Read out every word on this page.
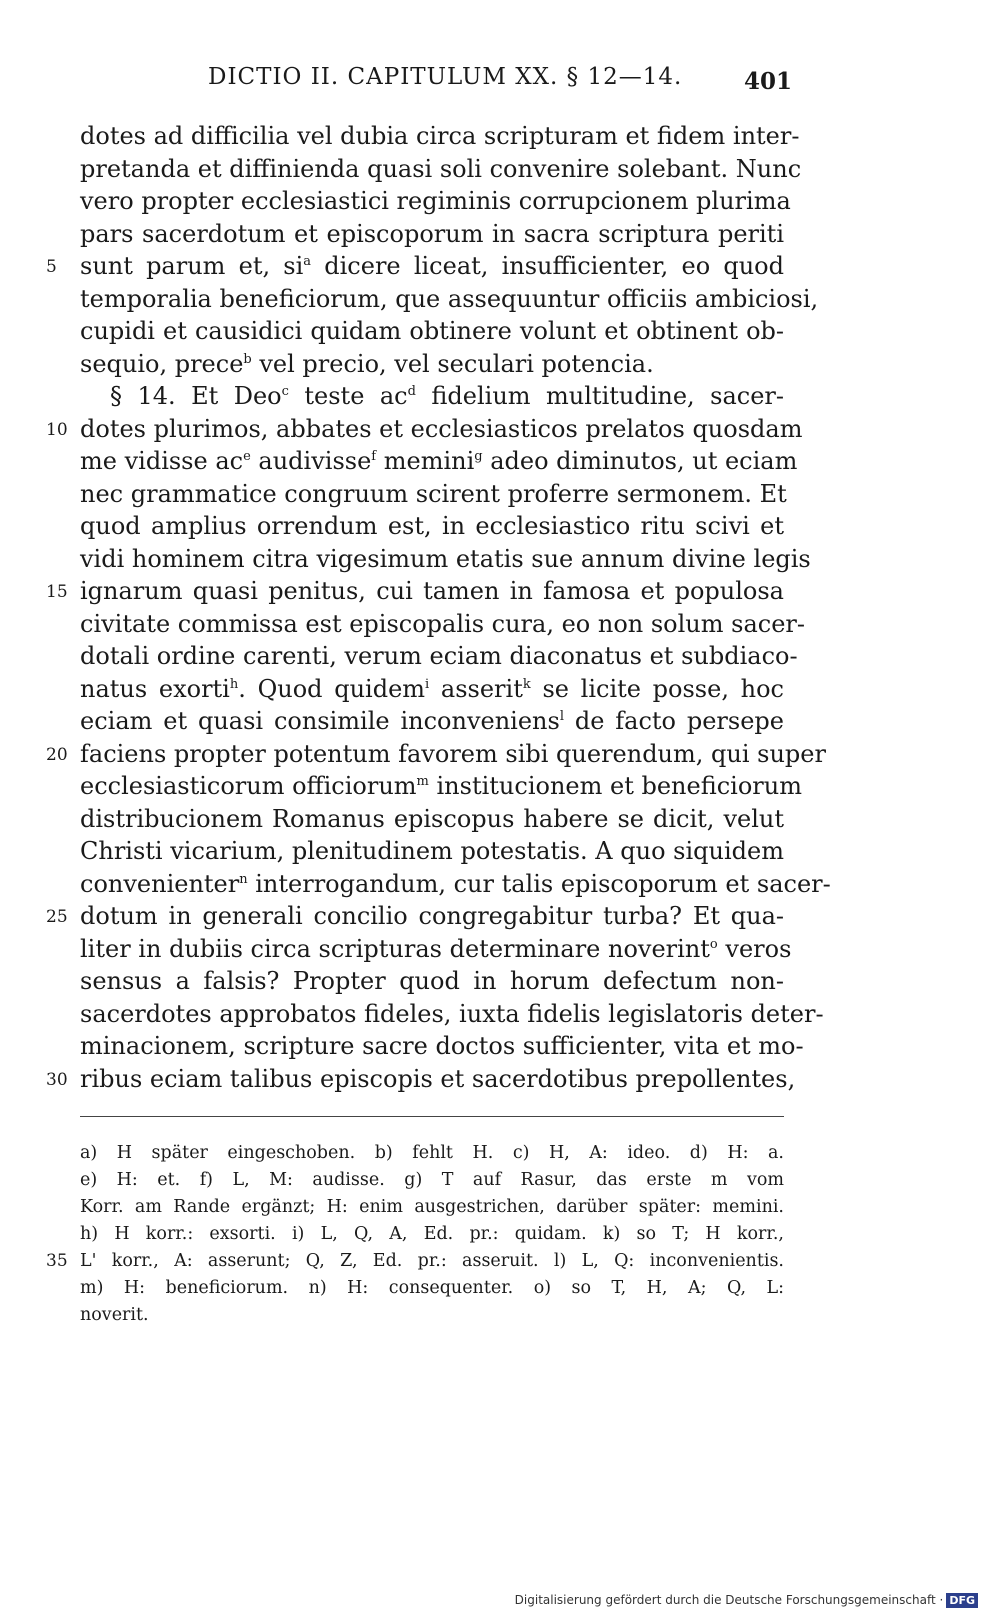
DICTIO II. CAPITULUM XX. § 12—14.	401
dotes ad difficilia vel dubia circa scripturam et fidem inter-
pretanda et diffinienda quasi soli convenire solebant. Nunc
vero propter ecclesiastici regiminis corrupcionem plurima
pars sacerdotum et episcoporum in sacra scriptura periti
5 sunt parum et, $si^a$ dicere liceat, insufficienter, eo quod
temporalia beneficiorum, que assequuntur officiis ambiciosi,
cupidi et causidici quidam obtinere volunt et obtinent ob-
sequio, prece$^b$ vel precio, vel seculari potencia.
§ 14. Et Deo$^c$ teste $ac^d$ fidelium multitudine, sacer-
10 dotes plurimos, abbates et ecclesiasticos prelatos quosdam
me vidisse $ac^e$ audivisse$^f$ memini$^g$ adeo diminutos, ut eciam
nec grammatice congruum scirent proferre sermonem. Et
quod amplius orrendum est, in ecclesiastico ritu scivi et
vidi hominem citra vigesimum etatis sue annum divine legis
15 ignarum quasi penitus, cui tamen in famosa et populosa
civitate commissa est episcopalis cura, eo non solum sacer-
dotali ordine carenti, verum eciam diaconatus et subdiaco-
natus exorti$^h$. Quod quidem$^i$ asserit$^k$ se licite posse, hoc
eciam et quasi consimile inconveniens$^l$ de facto persepe
20 faciens propter potentum favorem sibi querendum, qui super
ecclesiasticorum officiorum$^m$ institucionem et beneficiorum
distribucionem Romanus episcopus habere se dicit, velut
Christi vicarium, plenitudinem potestatis. A quo siquidem
convenienter$^n$ interrogandum, cur talis episcoporum et sacer-
25 dotum in generali concilio congregabitur turba? Et qua-
liter in dubiis circa scripturas determinare noverint$^o$ veros
sensus a falsis? Propter quod in horum defectum non-
sacerdotes approbatos fideles, iuxta fidelis legislatoris deter-
minacionem, scripture sacre doctos sufficienter, vita et mo-
30 ribus eciam talibus episcopis et sacerdotibus prepollentes,
a) H später eingeschoben. b) fehlt H. c) H, A: ideo. d) H: a.
e) H: et. f) L, M: audisse. g) T auf Rasur, das erste m vom
Korr. am Rande ergänzt; H: enim ausgestrichen, darüber später: memini.
h) H korr.: exsorti. i) L, Q, A, Ed. pr.: quidam. k) so T; H korr.,
35 L' korr., A: asserunt; Q, Z, Ed. pr.: asseruit. l) L, Q: inconvenientis.
m) H: beneficiorum. n) H: consequenter. o) so T, H, A; Q, L:
noverit.
Digitalisierung gefördert durch die Deutsche Forschungsgemeinschaft · DFG
